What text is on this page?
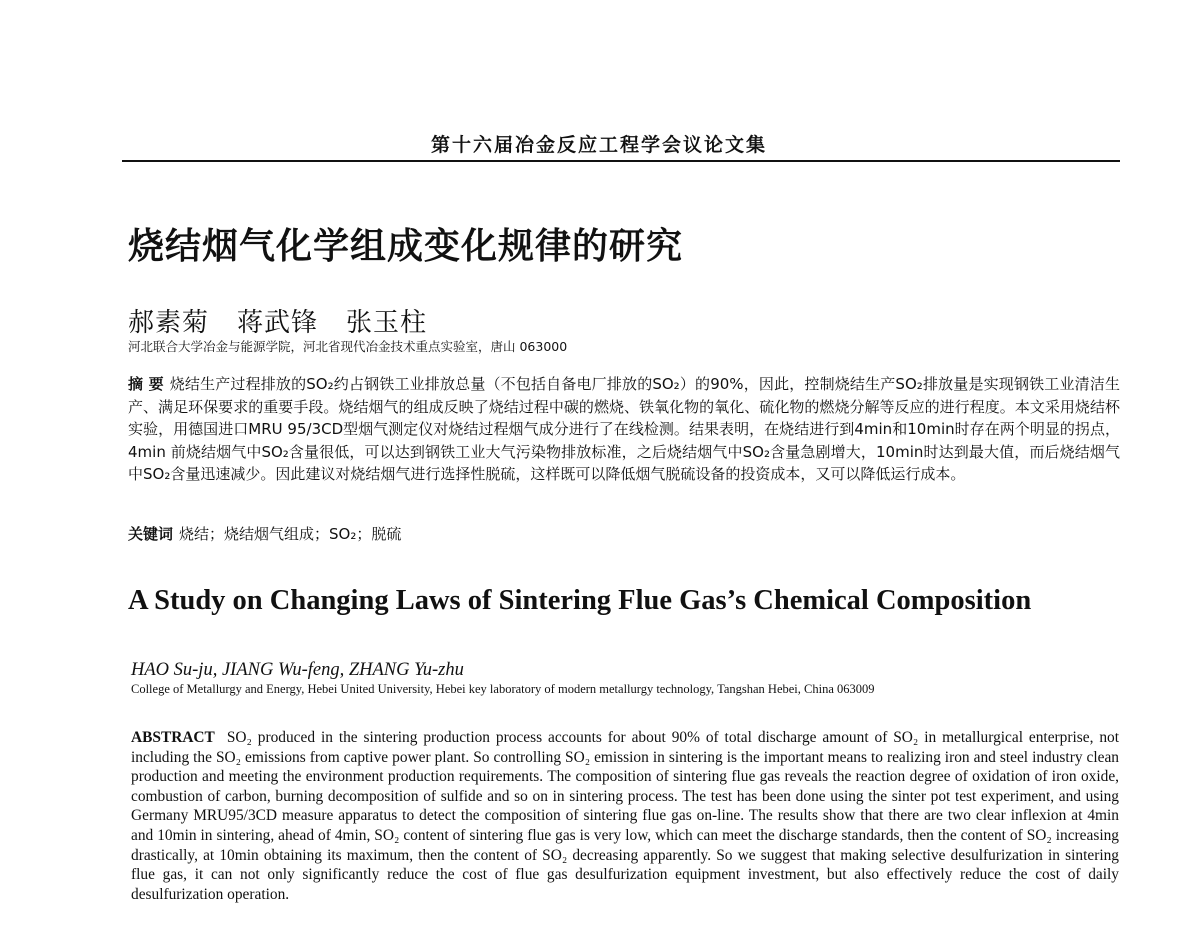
第十六届冶金反应工程学会议论文集
烧结烟气化学组成变化规律的研究
郝素菊 蒋武锋 张玉柱
河北联合大学冶金与能源学院，河北省现代冶金技术重点实验室，唐山 063000
摘 要 烧结生产过程排放的SO₂约占钢铁工业排放总量（不包括自备电厂排放的SO₂）的90%，因此，控制烧结生产SO₂排放量是实现钢铁工业清洁生产、满足环保要求的重要手段。烧结烟气的组成反映了烧结过程中碳的燃烧、铁氧化物的氧化、硫化物的燃烧分解等反应的进行程度。本文采用烧结杯实验，用德国进口MRU 95/3CD型烟气测定仪对烧结过程烟气成分进行了在线检测。结果表明，在烧结进行到4min和10min时存在两个明显的拐点，4min 前烧结烟气中SO₂含量很低，可以达到钢铁工业大气污染物排放标准，之后烧结烟气中SO₂含量急剧增大，10min时达到最大值，而后烧结烟气中SO₂含量迅速减少。因此建议对烧结烟气进行选择性脱硫，这样既可以降低烟气脱硫设备的投资成本，又可以降低运行成本。
关键词 烧结；烧结烟气组成；SO₂；脱硫
A Study on Changing Laws of Sintering Flue Gas’s Chemical Composition
HAO Su-ju, JIANG Wu-feng, ZHANG Yu-zhu
College of Metallurgy and Energy, Hebei United University, Hebei key laboratory of modern metallurgy technology, Tangshan Hebei, China 063009
ABSTRACT SO₂ produced in the sintering production process accounts for about 90% of total discharge amount of SO₂ in metallurgical enterprise, not including the SO₂ emissions from captive power plant. So controlling SO₂ emission in sintering is the important means to realizing iron and steel industry clean production and meeting the environment production requirements. The composition of sintering flue gas reveals the reaction degree of oxidation of iron oxide, combustion of carbon, burning decomposition of sulfide and so on in sintering process. The test has been done using the sinter pot test experiment, and using Germany MRU95/3CD measure apparatus to detect the composition of sintering flue gas on-line. The results show that there are two clear inflexion at 4min and 10min in sintering, ahead of 4min, SO₂ content of sintering flue gas is very low, which can meet the discharge standards, then the content of SO₂ increasing drastically, at 10min obtaining its maximum, then the content of SO₂ decreasing apparently. So we suggest that making selective desulfurization in sintering flue gas, it can not only significantly reduce the cost of flue gas desulfurization equipment investment, but also effectively reduce the cost of daily desulfurization operation.
